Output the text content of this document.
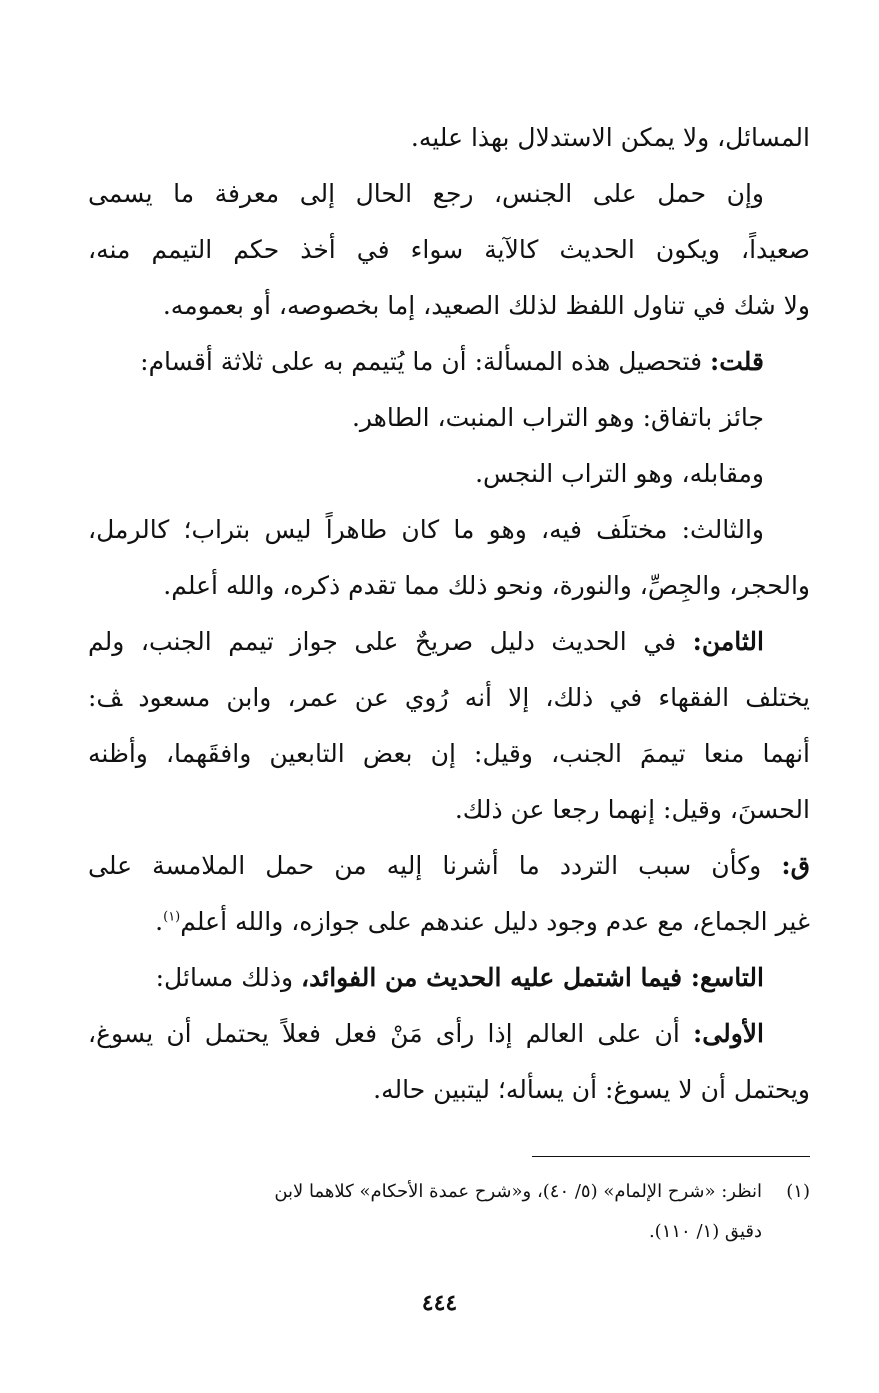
المسائل، ولا يمكن الاستدلال بهذا عليه.
وإن حمل على الجنس، رجع الحال إلى معرفة ما يسمى
صعيداً، ويكون الحديث كالآية سواء في أخذ حكم التيمم منه،
ولا شك في تناول اللفظ لذلك الصعيد، إما بخصوصه، أو بعمومه.
قلت: فتحصيل هذه المسألة: أن ما يُتيمم به على ثلاثة أقسام:
جائز باتفاق: وهو التراب المنبت، الطاهر.
ومقابله، وهو التراب النجس.
والثالث: مختلَف فيه، وهو ما كان طاهراً ليس بتراب؛ كالرمل،
والحجر، والجِصِّ، والنورة، ونحو ذلك مما تقدم ذكره، والله أعلم.
الثامن: في الحديث دليل صريحٌ على جواز تيمم الجنب، ولم
يختلف الفقهاء في ذلك، إلا أنه رُوي عن عمر، وابن مسعود ﭫ:
أنهما منعا تيممَ الجنب، وقيل: إن بعض التابعين وافقَهما، وأظنه
الحسنَ، وقيل: إنهما رجعا عن ذلك.
ق: وكأن سبب التردد ما أشرنا إليه من حمل الملامسة على
غير الجماع، مع عدم وجود دليل عندهم على جوازه، والله أعلم$^{(١)}$.
التاسع: فيما اشتمل عليه الحديث من الفوائد، وذلك مسائل:
الأولى: أن على العالم إذا رأى مَنْ فعل فعلاً يحتمل أن يسوغ،
ويحتمل أن لا يسوغ: أن يسأله؛ ليتبين حاله.
(١)انظر: «شرح الإلمام» (٥/ ٤٠)، و«شرح عمدة الأحكام» كلاهما لابن
دقيق (١/ ١١٠).
٤٤٤
